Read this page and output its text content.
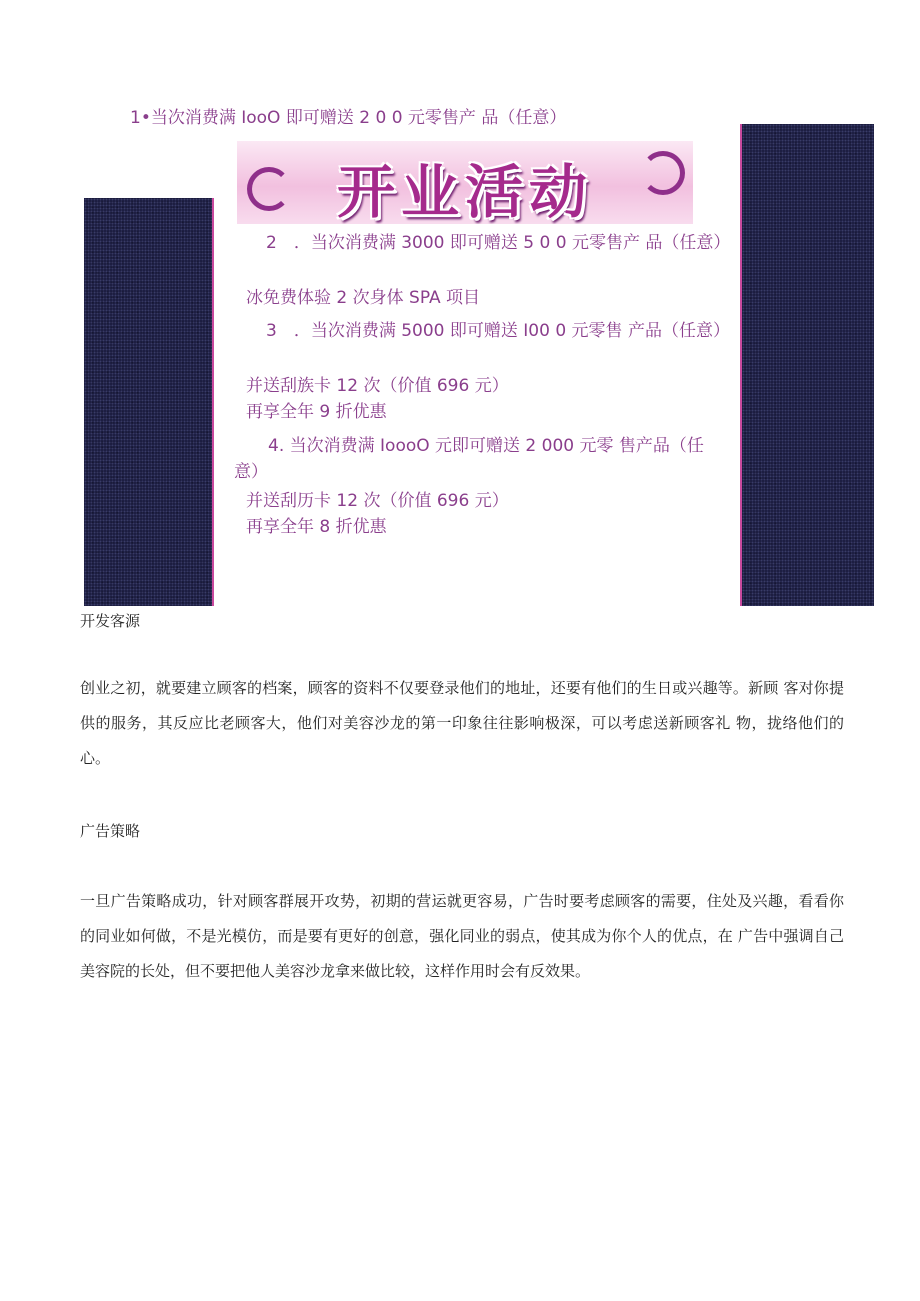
1•当次消费满 IooO 即可赠送 2 0 0 元零售产 品（任意）
开业活动
2　．当次消费满 3000 即可赠送 5 0 0 元零售产 品（任意）
冰免费体验 2 次身体 SPA 项目
3　．当次消费满 5000 即可赠送 I00 0 元零售 产品（任意）
并送刮族卡 12 次（价值 696 元）
再享全年 9 折优惠
4. 当次消费满 IoooO 元即可赠送 2 000 元零 售产品（任意）
并送刮历卡 12 次（价值 696 元）
再享全年 8 折优惠
开发客源
创业之初，就要建立顾客的档案，顾客的资料不仅要登录他们的地址，还要有他们的生日或兴趣等。新顾 客对你提供的服务，其反应比老顾客大，他们对美容沙龙的第一印象往往影响极深，可以考虑送新顾客礼 物，拢络他们的心。
广告策略
一旦广告策略成功，针对顾客群展开攻势，初期的营运就更容易，广告时要考虑顾客的需要，住处及兴趣，看看你的同业如何做，不是光模仿，而是要有更好的创意，强化同业的弱点，使其成为你个人的优点，在 广告中强调自己美容院的长处，但不要把他人美容沙龙拿来做比较，这样作用时会有反效果。
